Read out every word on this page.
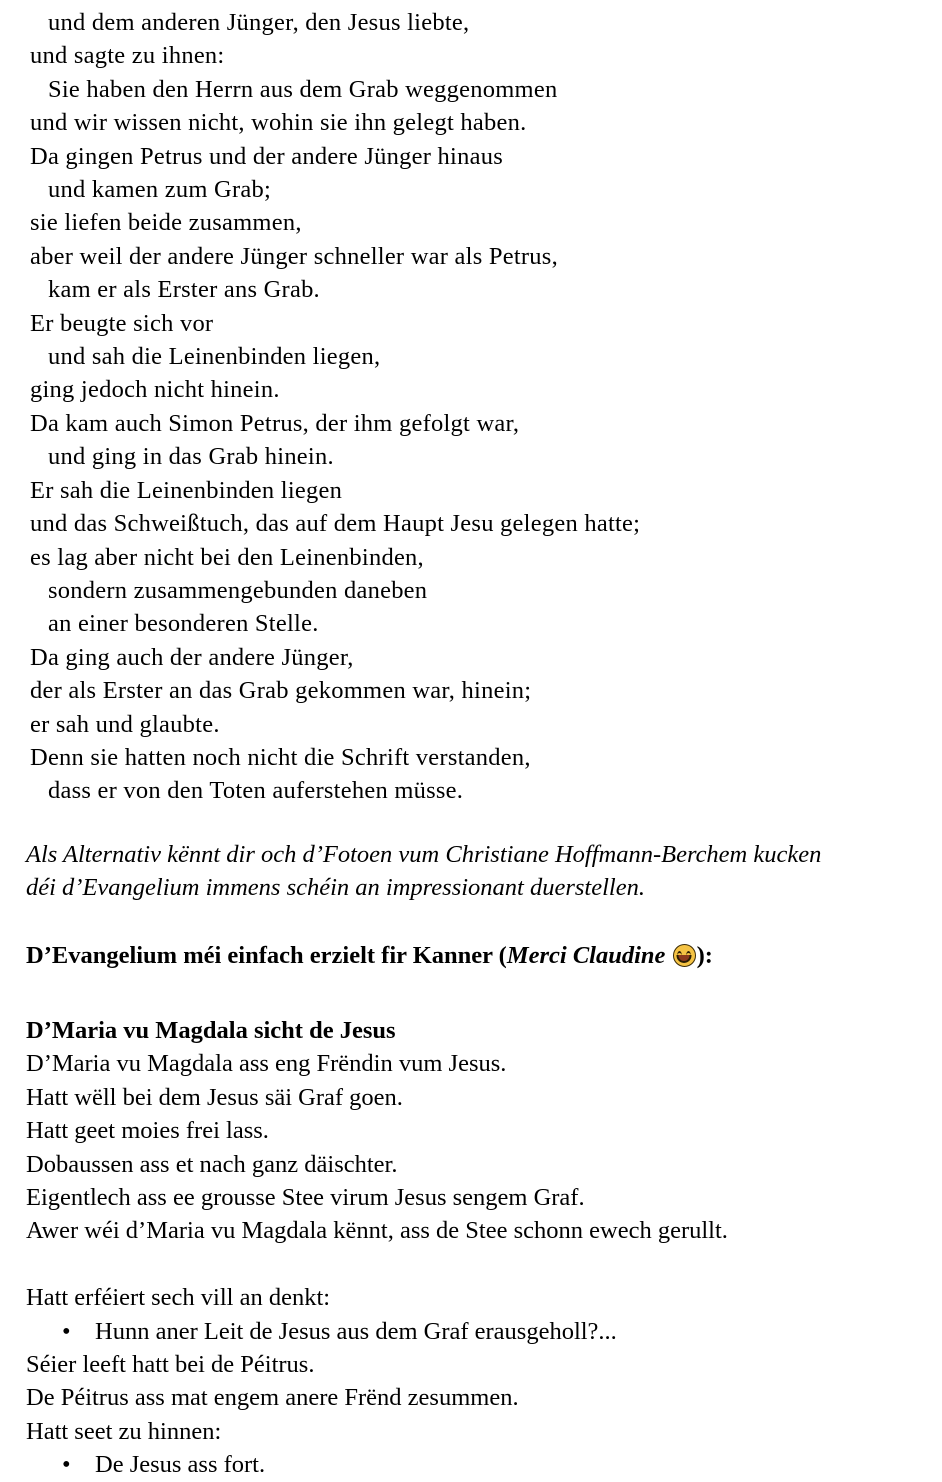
und dem anderen Jünger, den Jesus liebte,
und sagte zu ihnen:
Sie haben den Herrn aus dem Grab weggenommen
und wir wissen nicht, wohin sie ihn gelegt haben.
Da gingen Petrus und der andere Jünger hinaus
und kamen zum Grab;
sie liefen beide zusammen,
aber weil der andere Jünger schneller war als Petrus,
kam er als Erster ans Grab.
Er beugte sich vor
und sah die Leinenbinden liegen,
ging jedoch nicht hinein.
Da kam auch Simon Petrus, der ihm gefolgt war,
und ging in das Grab hinein.
Er sah die Leinenbinden liegen
und das Schweißtuch, das auf dem Haupt Jesu gelegen hatte;
es lag aber nicht bei den Leinenbinden,
sondern zusammengebunden daneben
an einer besonderen Stelle.
Da ging auch der andere Jünger,
der als Erster an das Grab gekommen war, hinein;
er sah und glaubte.
Denn sie hatten noch nicht die Schrift verstanden,
dass er von den Toten auferstehen müsse.
Als Alternativ kënnt dir och d’Fotoen vum Christiane Hoffmann-Berchem kucken
déi d’Evangelium immens schéin an impressionant duerstellen.
D’Evangelium méi einfach erzielt fir Kanner (Merci Claudine
):
D’Maria vu Magdala sicht de Jesus
D’Maria vu Magdala ass eng Frëndin vum Jesus.
Hatt wëll bei dem Jesus säi Graf goen.
Hatt geet moies frei lass.
Dobaussen ass et nach ganz däischter.
Eigentlech ass ee grousse Stee virum Jesus sengem Graf.
Awer wéi d’Maria vu Magdala kënnt, ass de Stee schonn ewech gerullt.
Hatt erféiert sech vill an denkt:
• Hunn aner Leit de Jesus aus dem Graf erausgeholl?...
Séier leeft hatt bei de Péitrus.
De Péitrus ass mat engem anere Frënd zesummen.
Hatt seet zu hinnen:
• De Jesus ass fort.
